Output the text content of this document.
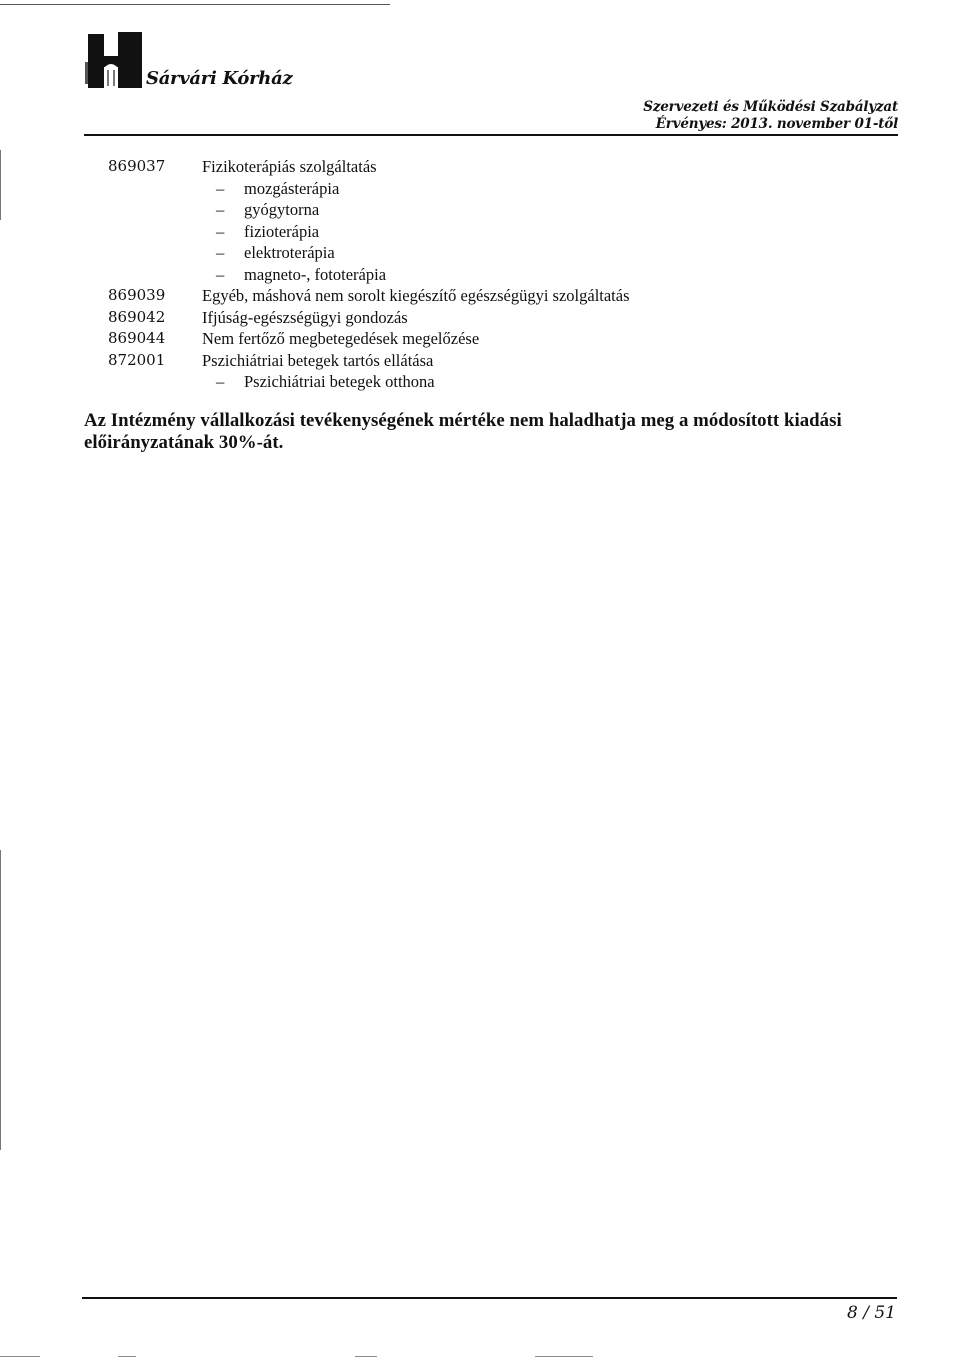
Sárvári Kórház
Szervezeti és Működési Szabályzat
Érvényes: 2013. november 01-től
869037	Fizikoterápiás szolgáltatás
– mozgásterápia
– gyógytorna
– fizioterápia
– elektroterápia
– magneto-, fototerápia
869039	Egyéb, máshová nem sorolt kiegészítő egészségügyi szolgáltatás
869042	Ifjúság-egészségügyi gondozás
869044	Nem fertőző megbetegedések megelőzése
872001	Pszichiátriai betegek tartós ellátása
– Pszichiátriai betegek otthona
Az Intézmény vállalkozási tevékenységének mértéke nem haladhatja meg a módosított kiadási előirányzatának 30%-át.
8 / 51
